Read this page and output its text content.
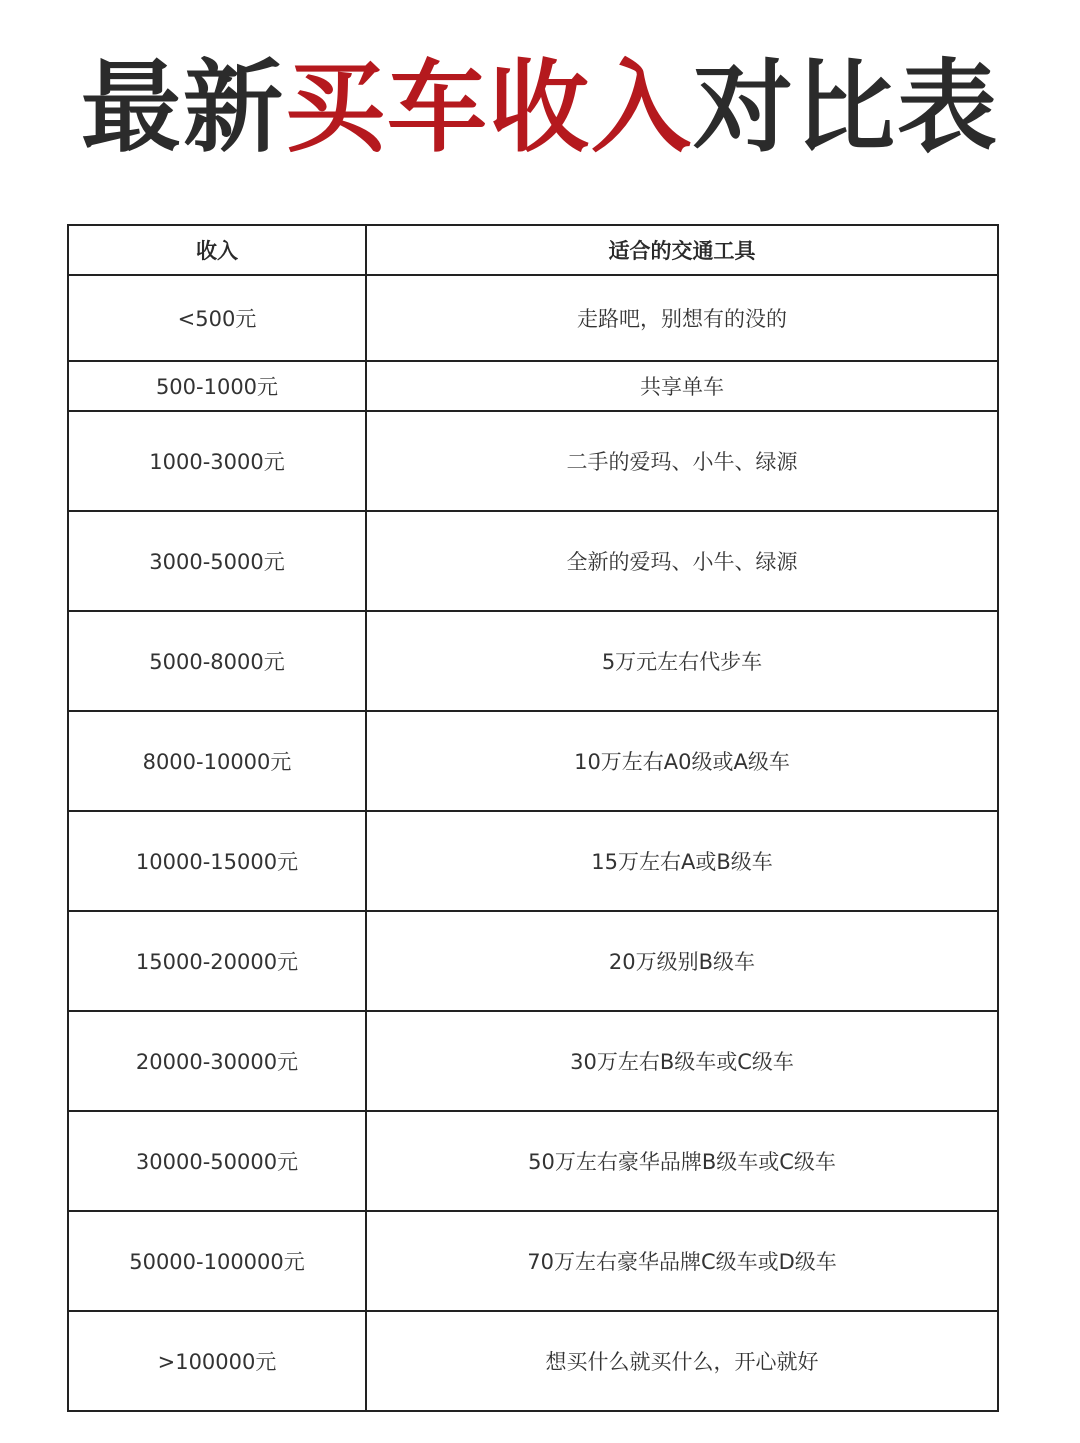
最新买车收入对比表
收入	适合的交通工具
<500元	走路吧，别想有的没的
500-1000元	共享单车
1000-3000元	二手的爱玛、小牛、绿源
3000-5000元	全新的爱玛、小牛、绿源
5000-8000元	5万元左右代步车
8000-10000元	10万左右A0级或A级车
10000-15000元	15万左右A或B级车
15000-20000元	20万级别B级车
20000-30000元	30万左右B级车或C级车
30000-50000元	50万左右豪华品牌B级车或C级车
50000-100000元	70万左右豪华品牌C级车或D级车
>100000元	想买什么就买什么，开心就好
